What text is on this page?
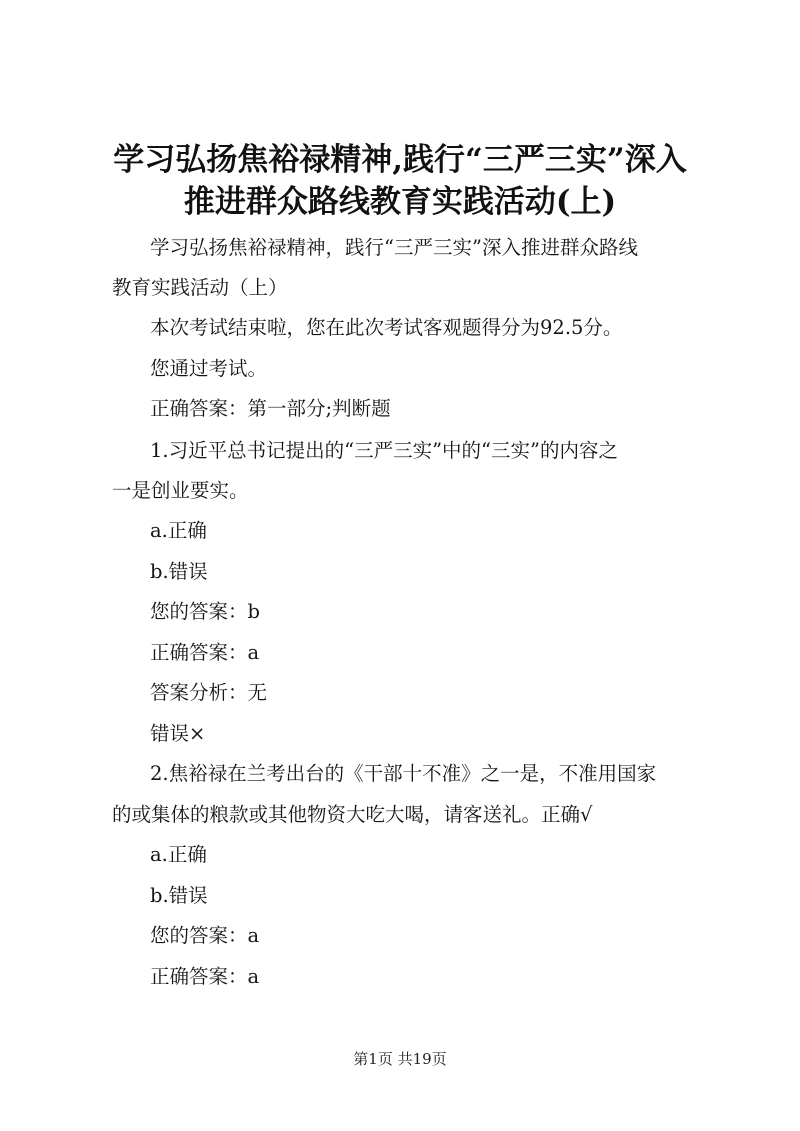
学习弘扬焦裕禄精神,践行“三严三实”深入
推进群众路线教育实践活动(上)
学习弘扬焦裕禄精神，践行“三严三实”深入推进群众路线
教育实践活动（上）
本次考试结束啦，您在此次考试客观题得分为92.5分。
您通过考试。
正确答案：第一部分;判断题
1.习近平总书记提出的“三严三实”中的“三实”的内容之
一是创业要实。
a.正确
b.错误
您的答案：b
正确答案：a
答案分析：无
错误×
2.焦裕禄在兰考出台的《干部十不准》之一是，不准用国家
的或集体的粮款或其他物资大吃大喝，请客送礼。正确√
a.正确
b.错误
您的答案：a
正确答案：a
第1页 共19页
